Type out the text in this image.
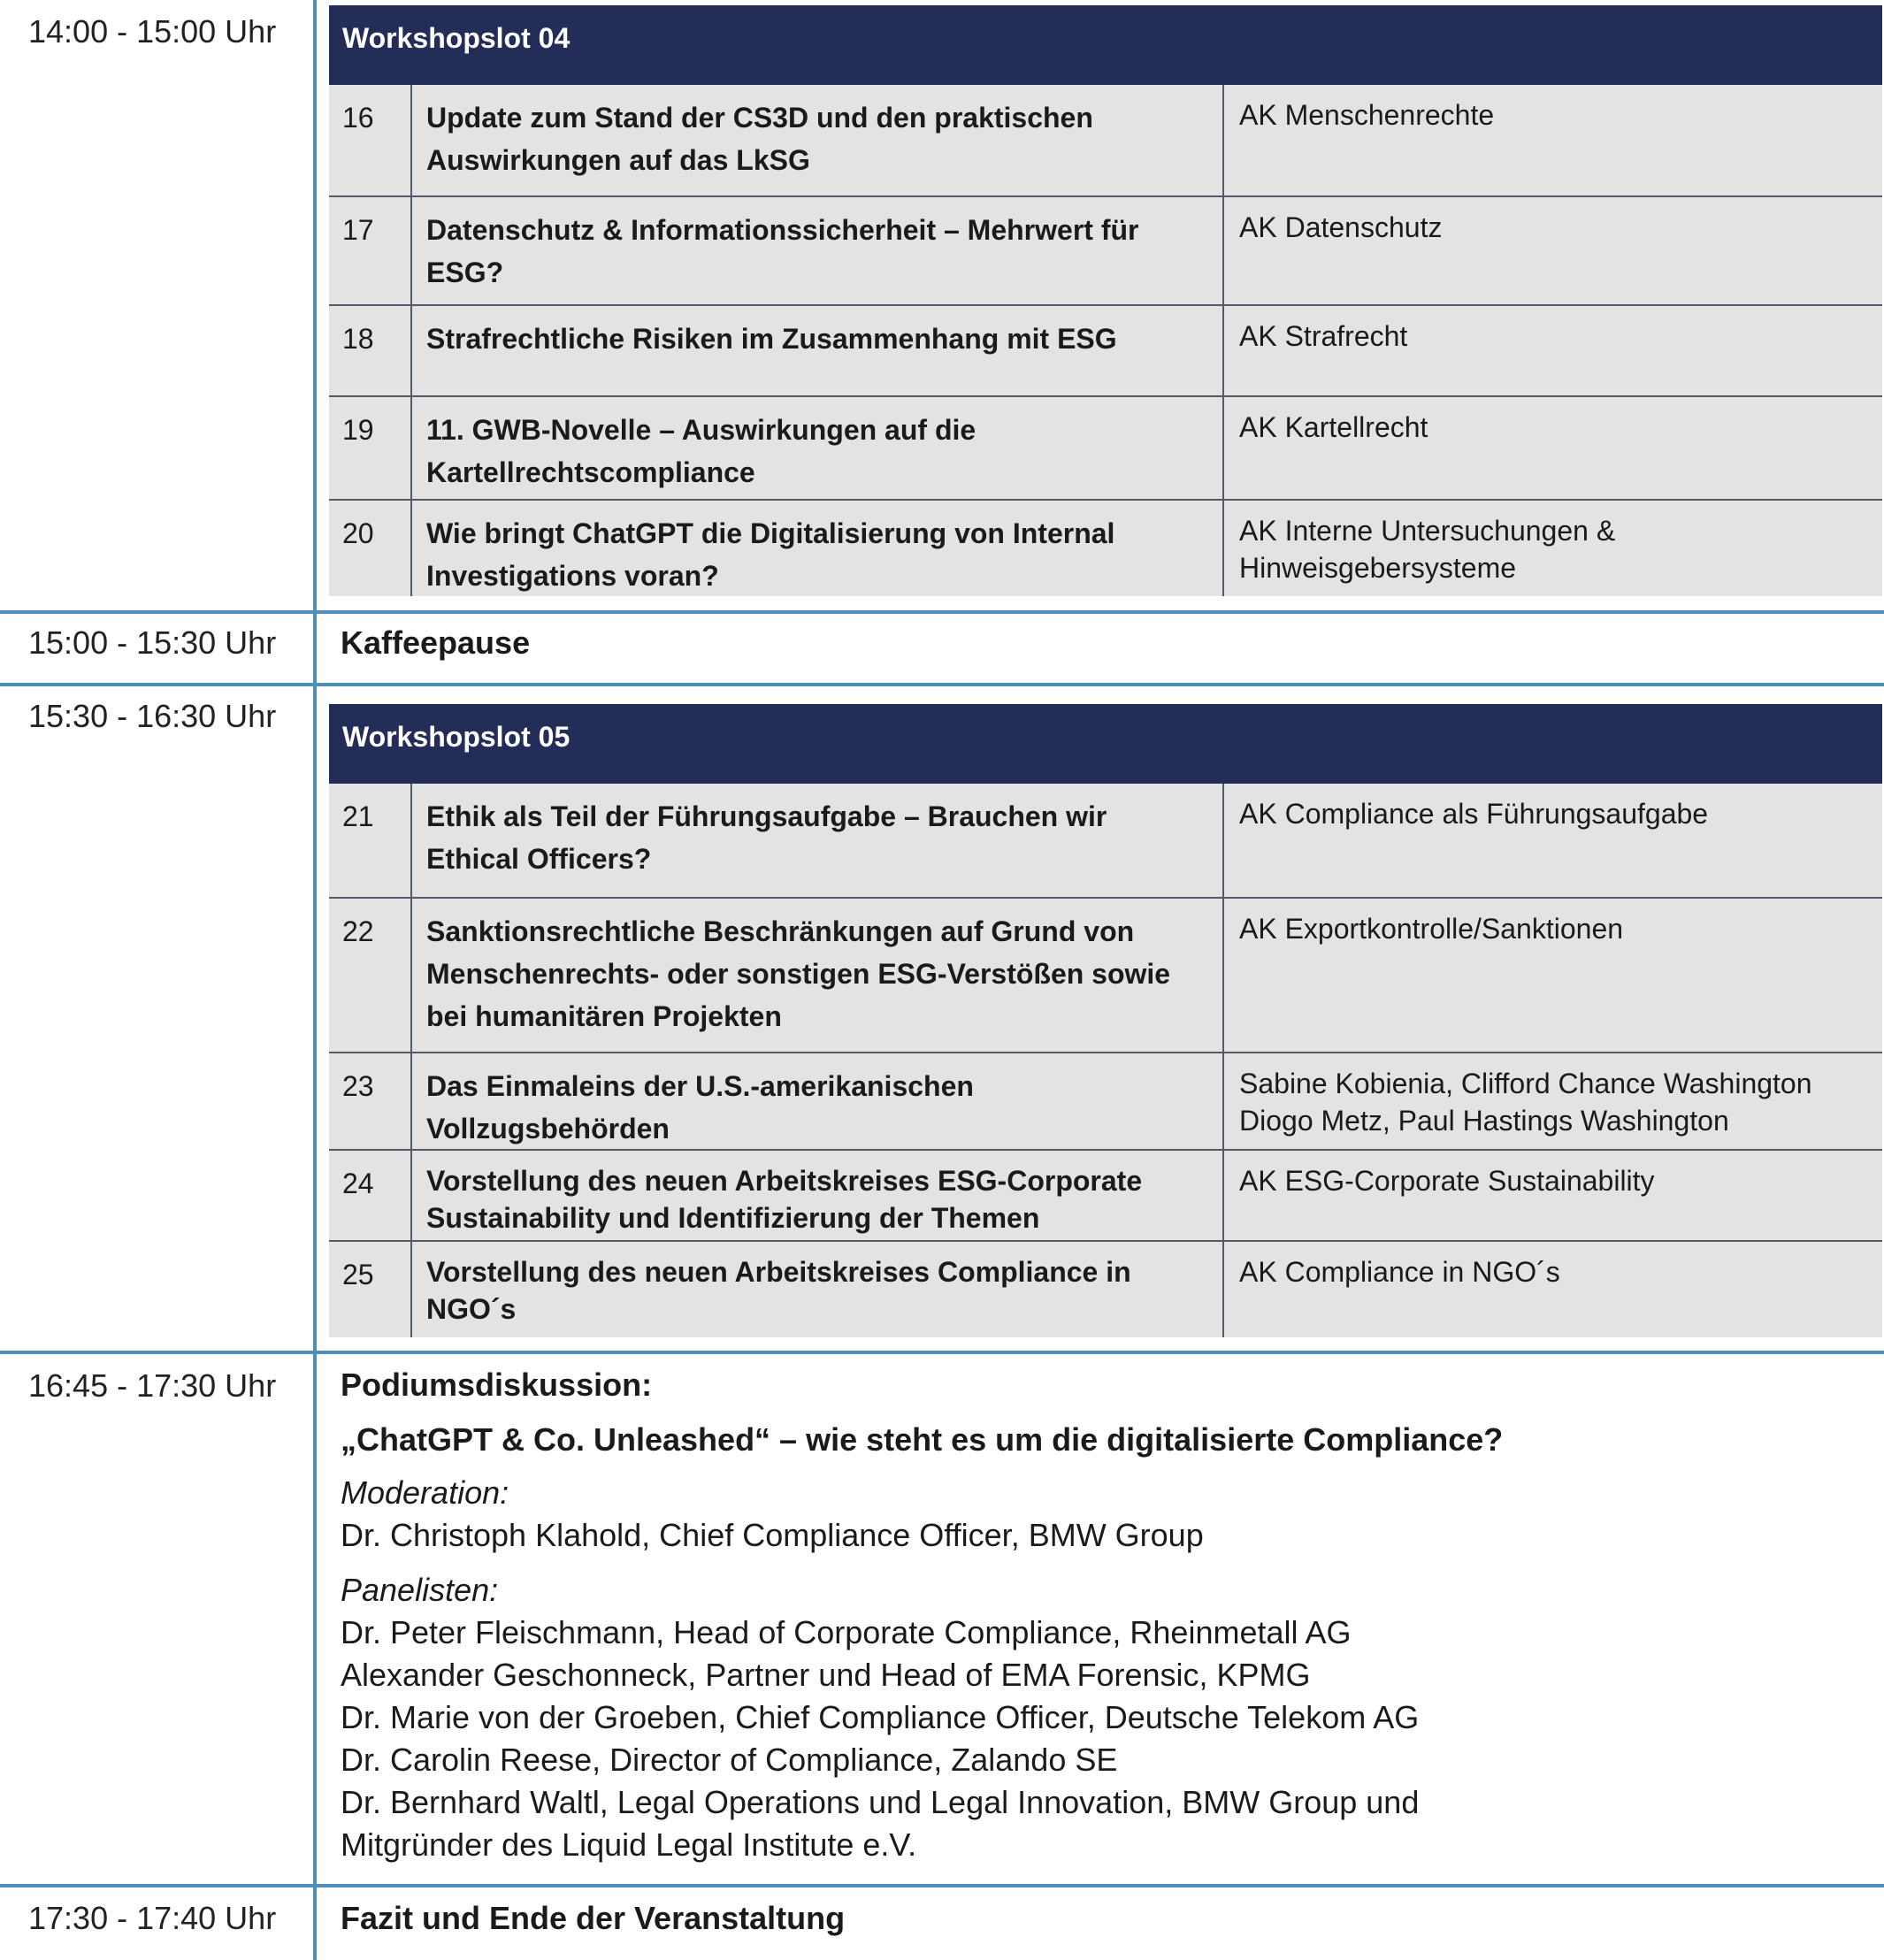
14:00 - 15:00 Uhr	Workshopslot 04
16 Update zum Stand der CS3D und den praktischen Auswirkungen auf das LkSG
AK Menschenrechte
17 Datenschutz & Informationssicherheit – Mehrwert für ESG?
AK Datenschutz
18 Strafrechtliche Risiken im Zusammenhang mit ESG	AK Strafrecht
19 11. GWB-Novelle – Auswirkungen auf die Kartellrechtscompliance
AK Kartellrecht
20 Wie bringt ChatGPT die Digitalisierung von Internal Investigations voran?
AK Interne Untersuchungen & Hinweisgebersysteme
15:00 - 15:30 Uhr Kaffeepause
15:30 - 16:30 Uhr
Workshopslot 05
21 Ethik als Teil der Führungsaufgabe – Brauchen wir Ethical Officers?
AK Compliance als Führungsaufgabe
22 Sanktionsrechtliche Beschränkungen auf Grund von Menschenrechts- oder sonstigen ESG-Verstößen sowie bei humanitären Projekten
AK Exportkontrolle/Sanktionen
23 Das Einmaleins der U.S.-amerikanischen Vollzugsbehörden
Sabine Kobienia, Clifford Chance Washington Diogo Metz, Paul Hastings Washington
24 Vorstellung des neuen Arbeitskreises ESG-Corporate Sustainability und Identifizierung der Themen
AK ESG-Corporate Sustainability
25 Vorstellung des neuen Arbeitskreises Compliance in NGO´s
AK Compliance in NGO´s
16:45 - 17:30 Uhr Podiumsdiskussion:
„ChatGPT & Co. Unleashed“ – wie steht es um die digitalisierte Compliance?
Moderation:
Dr. Christoph Klahold, Chief Compliance Officer, BMW Group
Panelisten:
Dr. Peter Fleischmann, Head of Corporate Compliance, Rheinmetall AG
Alexander Geschonneck, Partner und Head of EMA Forensic, KPMG
Dr. Marie von der Groeben, Chief Compliance Officer, Deutsche Telekom AG
Dr. Carolin Reese, Director of Compliance, Zalando SE
Dr. Bernhard Waltl, Legal Operations und Legal Innovation, BMW Group und
Mitgründer des Liquid Legal Institute e.V.
17:30 - 17:40 Uhr Fazit und Ende der Veranstaltung
